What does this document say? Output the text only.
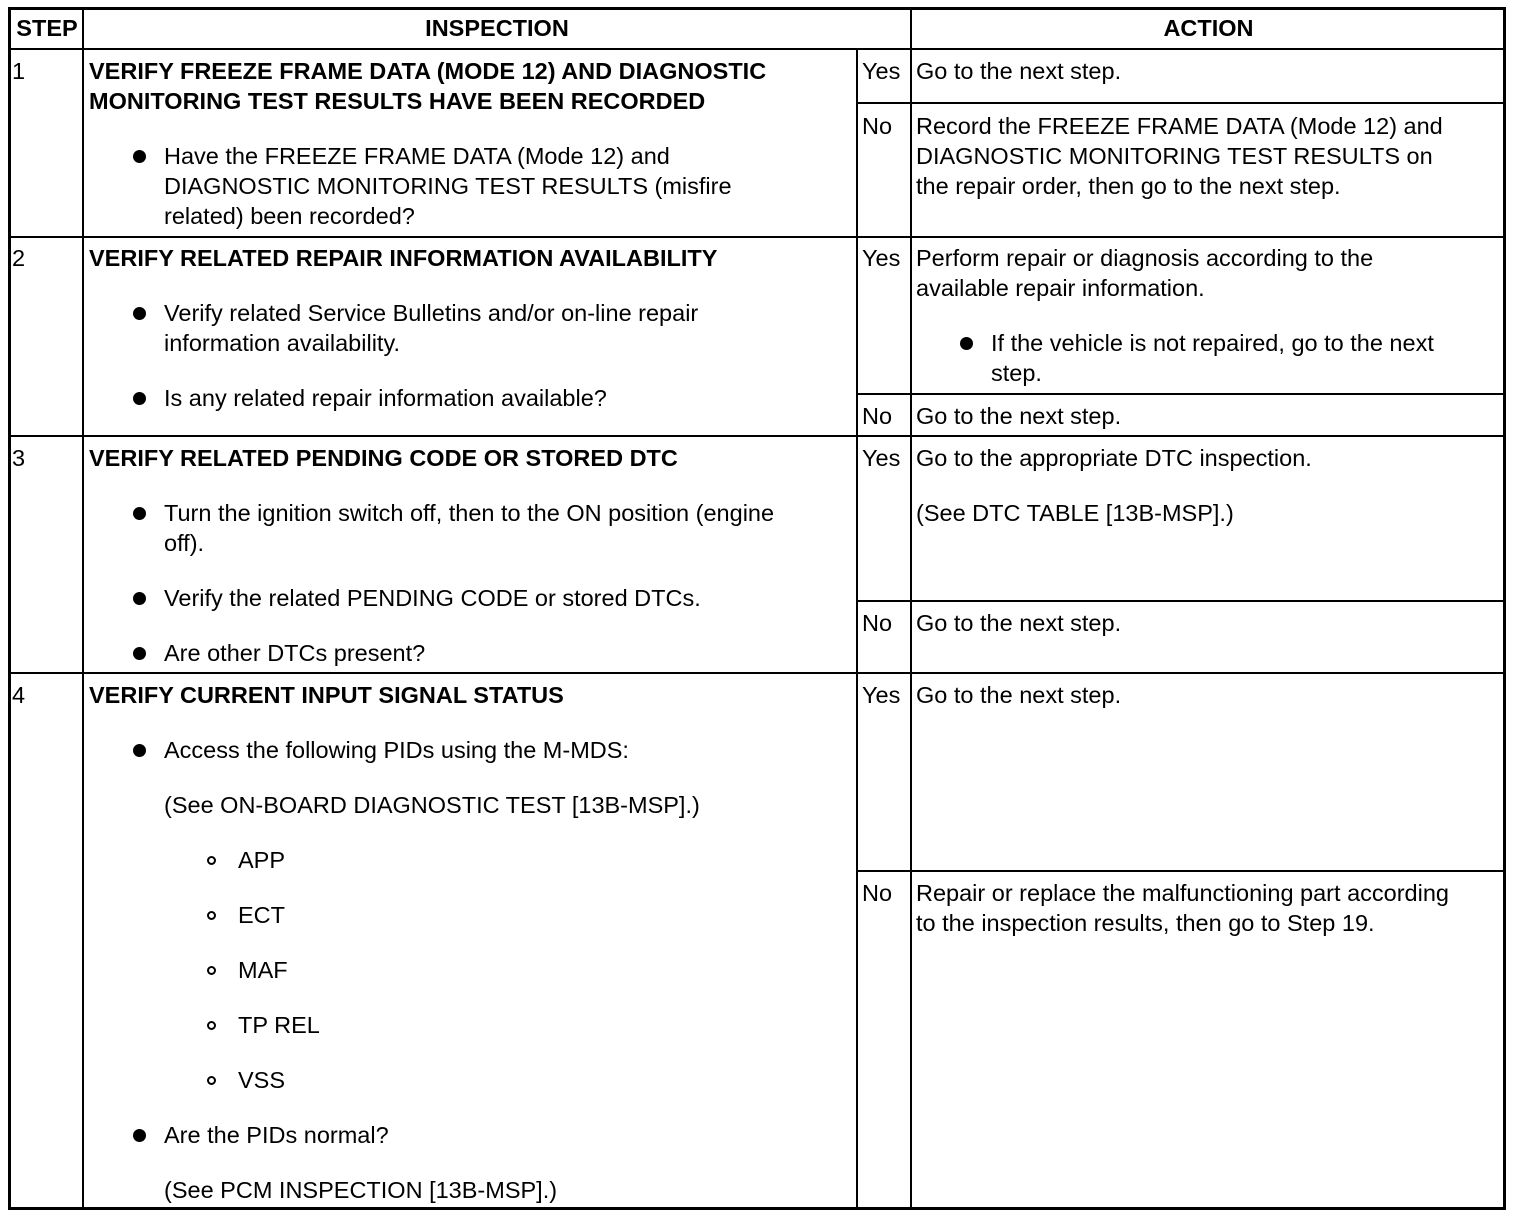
STEP	INSPECTION	ACTION
1	VERIFY FREEZE FRAME DATA (MODE 12) AND DIAGNOSTIC
MONITORING TEST RESULTS HAVE BEEN RECORDED
Have the FREEZE FRAME DATA (Mode 12) and
DIAGNOSTIC MONITORING TEST RESULTS (misfire
related) been recorded?
Yes Go to the next step.
No Record the FREEZE FRAME DATA (Mode 12) and
DIAGNOSTIC MONITORING TEST RESULTS on
the repair order, then go to the next step.
2	VERIFY RELATED REPAIR INFORMATION AVAILABILITY
Verify related Service Bulletins and/or on-line repair
information availability.
Is any related repair information available?
Yes Perform repair or diagnosis according to the
available repair information.
If the vehicle is not repaired, go to the next
step.
No Go to the next step.
3	VERIFY RELATED PENDING CODE OR STORED DTC
Turn the ignition switch off, then to the ON position (engine
off).
Verify the related PENDING CODE or stored DTCs.
Are other DTCs present?
Yes Go to the appropriate DTC inspection.
(See DTC TABLE [13B-MSP].)
No Go to the next step.
4	VERIFY CURRENT INPUT SIGNAL STATUS
Access the following PIDs using the M-MDS:
(See ON-BOARD DIAGNOSTIC TEST [13B-MSP].)
APP
ECT
MAF
TP REL
VSS
Are the PIDs normal?
(See PCM INSPECTION [13B-MSP].)
Yes Go to the next step.
No Repair or replace the malfunctioning part according
to the inspection results, then go to Step 19.
